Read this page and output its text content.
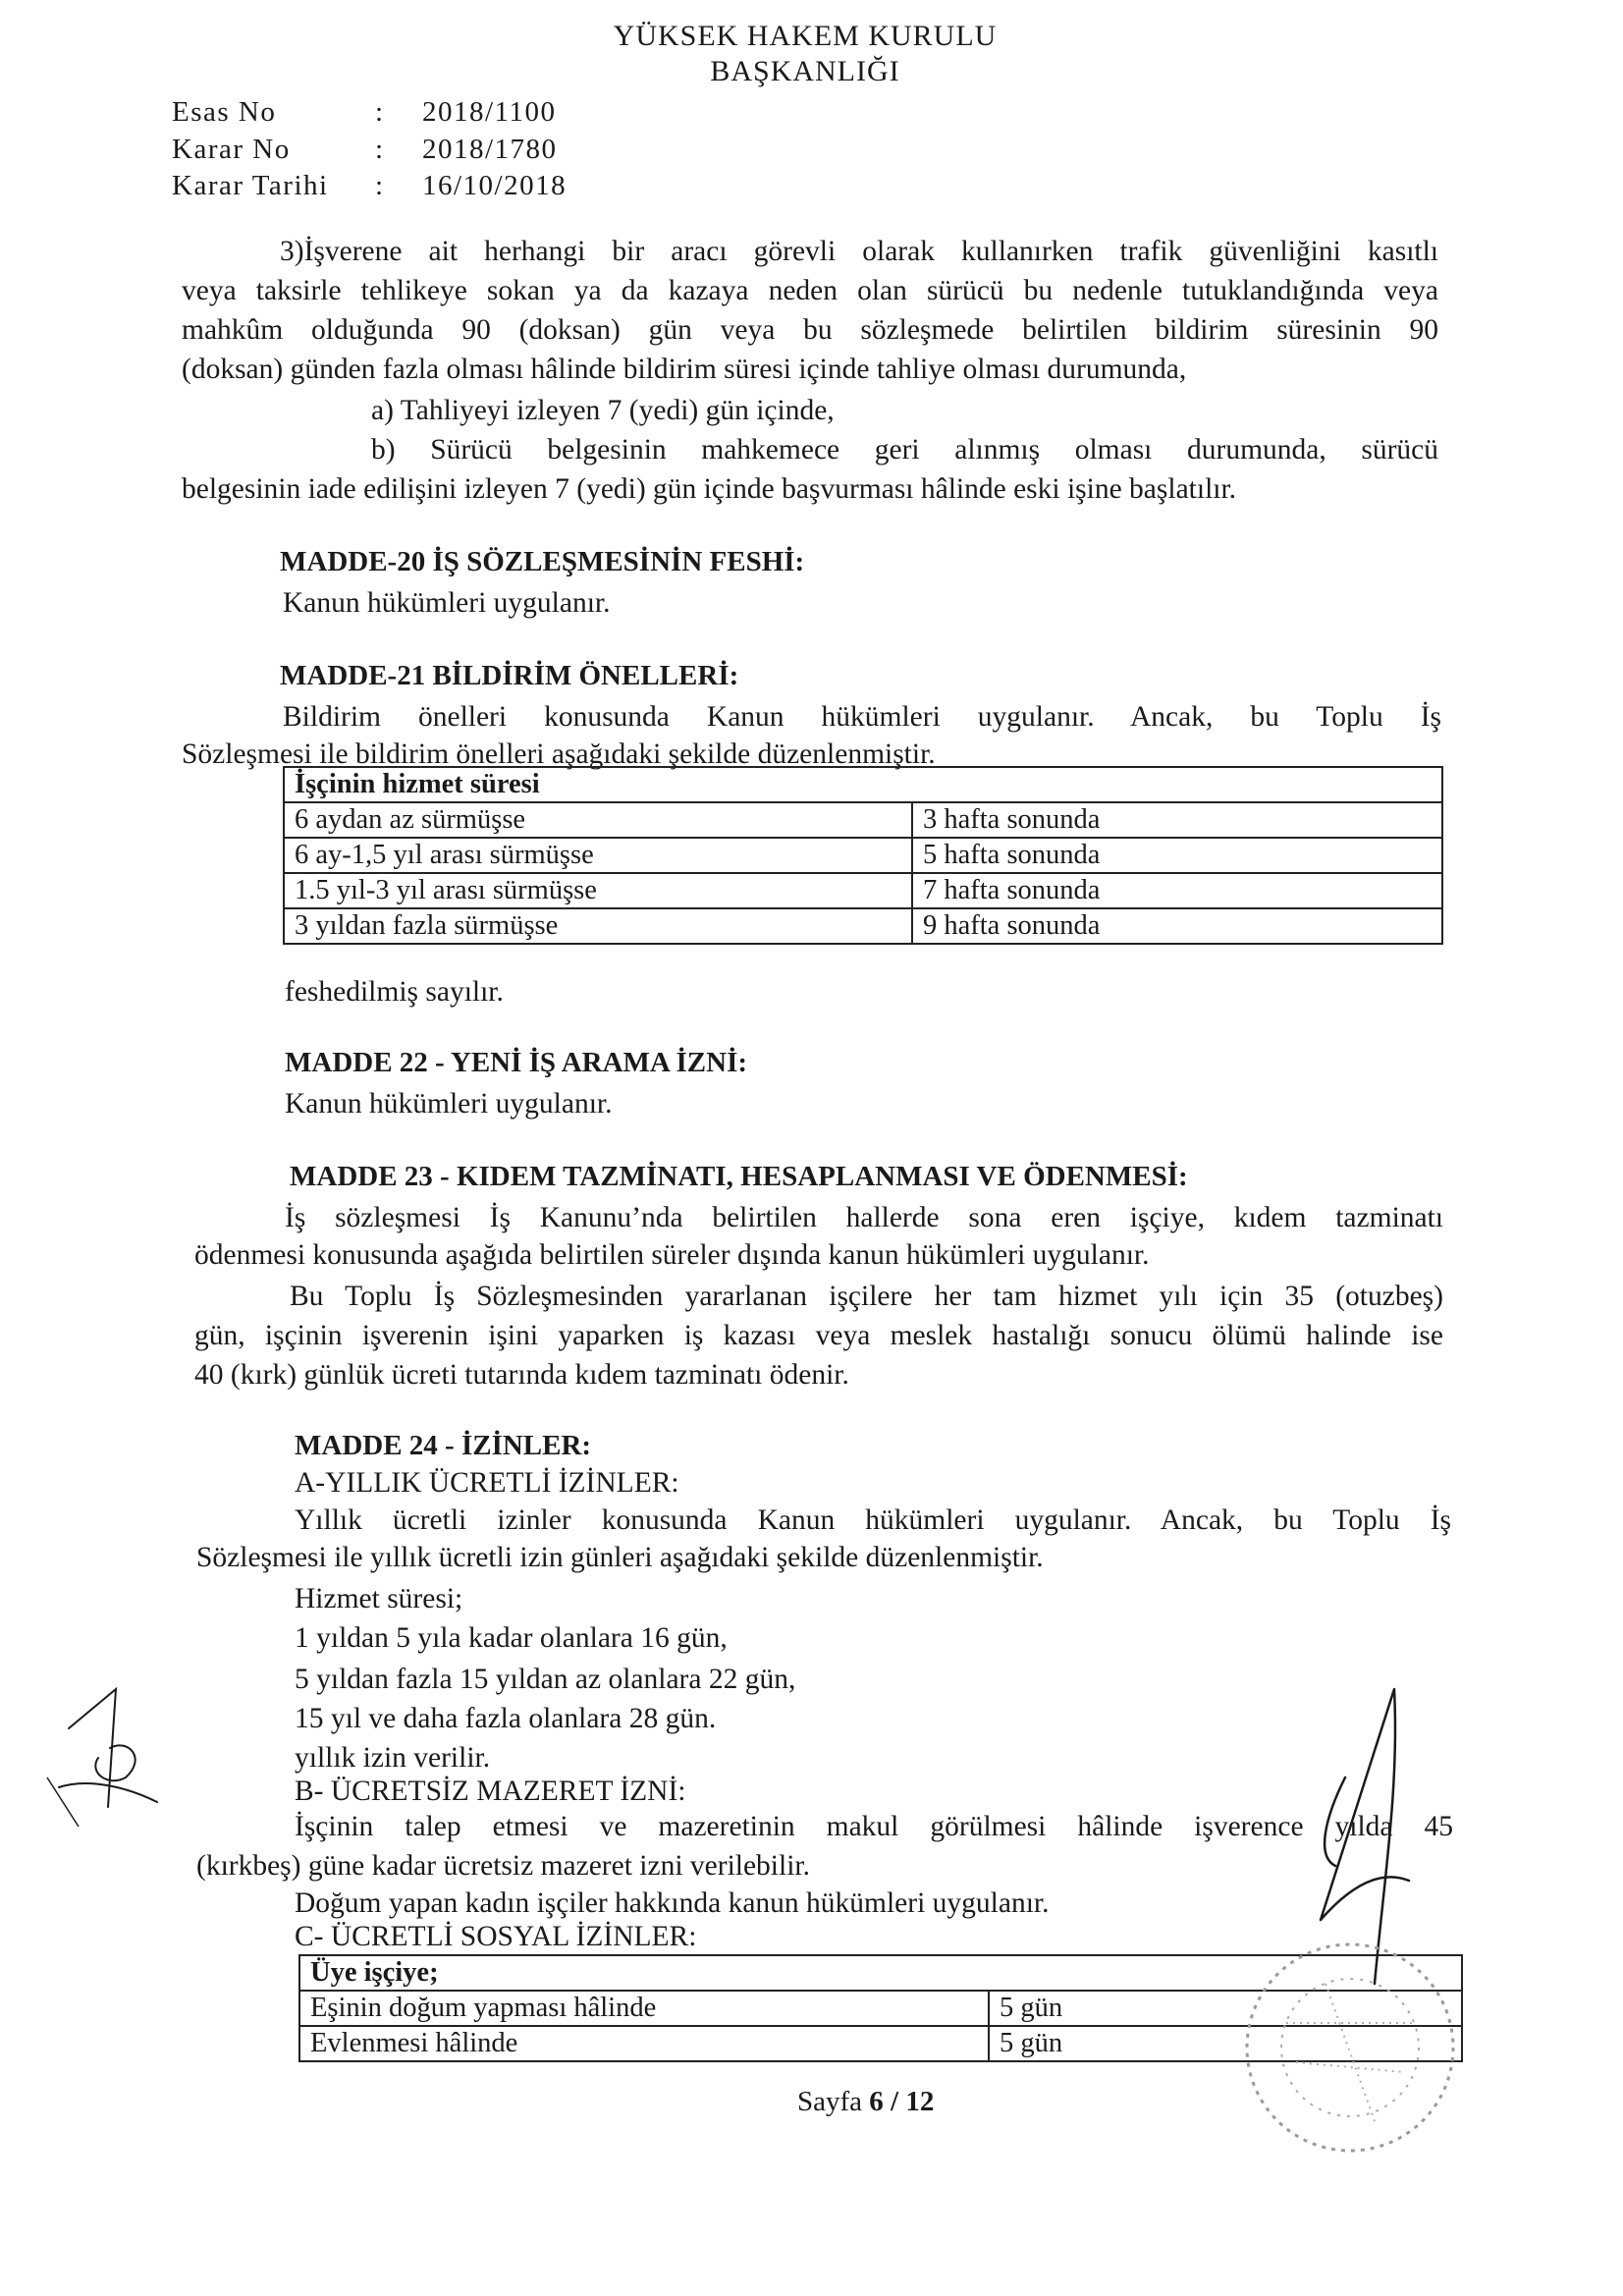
YÜKSEK HAKEM KURULU
BAŞKANLIĞI
Esas No	: 2018/1100
Karar No	: 2018/1780
Karar Tarihi : 16/10/2018
3)İşverene ait herhangi bir aracı görevli olarak kullanırken trafik güvenliğini kasıtlı
veya taksirle tehlikeye sokan ya da kazaya neden olan sürücü bu nedenle tutuklandığında veya
mahkûm olduğunda 90 (doksan) gün veya bu sözleşmede belirtilen bildirim süresinin 90
(doksan) günden fazla olması hâlinde bildirim süresi içinde tahliye olması durumunda,
a) Tahliyeyi izleyen 7 (yedi) gün içinde,
b) Sürücü belgesinin mahkemece geri alınmış olması durumunda, sürücü
belgesinin iade edilişini izleyen 7 (yedi) gün içinde başvurması hâlinde eski işine başlatılır.
MADDE-20 İŞ SÖZLEŞMESİNİN FESHİ:
Kanun hükümleri uygulanır.
MADDE-21 BİLDİRİM ÖNELLERİ:
Bildirim önelleri konusunda Kanun hükümleri uygulanır. Ancak, bu Toplu İş
Sözleşmesi ile bildirim önelleri aşağıdaki şekilde düzenlenmiştir.
İşçinin hizmet süresi	
6 aydan az sürmüşse	3 hafta sonunda
6 ay-1,5 yıl arası sürmüşse	5 hafta sonunda
1.5 yıl-3 yıl arası sürmüşse	7 hafta sonunda
3 yıldan fazla sürmüşse	9 hafta sonunda
feshedilmiş sayılır.
MADDE 22 - YENİ İŞ ARAMA İZNİ:
Kanun hükümleri uygulanır.
MADDE 23 - KIDEM TAZMİNATI, HESAPLANMASI VE ÖDENMESİ:
İş sözleşmesi İş Kanunu’nda belirtilen hallerde sona eren işçiye, kıdem tazminatı
ödenmesi konusunda aşağıda belirtilen süreler dışında kanun hükümleri uygulanır.
Bu Toplu İş Sözleşmesinden yararlanan işçilere her tam hizmet yılı için 35 (otuzbeş)
gün, işçinin işverenin işini yaparken iş kazası veya meslek hastalığı sonucu ölümü halinde ise
40 (kırk) günlük ücreti tutarında kıdem tazminatı ödenir.
MADDE 24 - İZİNLER:
A-YILLIK ÜCRETLİ İZİNLER:
Yıllık ücretli izinler konusunda Kanun hükümleri uygulanır. Ancak, bu Toplu İş
Sözleşmesi ile yıllık ücretli izin günleri aşağıdaki şekilde düzenlenmiştir.
Hizmet süresi;
1 yıldan 5 yıla kadar olanlara 16 gün,
5 yıldan fazla 15 yıldan az olanlara 22 gün,
15 yıl ve daha fazla olanlara 28 gün.
yıllık izin verilir.
B- ÜCRETSİZ MAZERET İZNİ:
İşçinin talep etmesi ve mazeretinin makul görülmesi hâlinde işverence yılda 45
(kırkbeş) güne kadar ücretsiz mazeret izni verilebilir.
Doğum yapan kadın işçiler hakkında kanun hükümleri uygulanır.
C- ÜCRETLİ SOSYAL İZİNLER:
Üye işçiye;	
Eşinin doğum yapması hâlinde	5 gün
Evlenmesi hâlinde	5 gün
Sayfa 6 / 12
